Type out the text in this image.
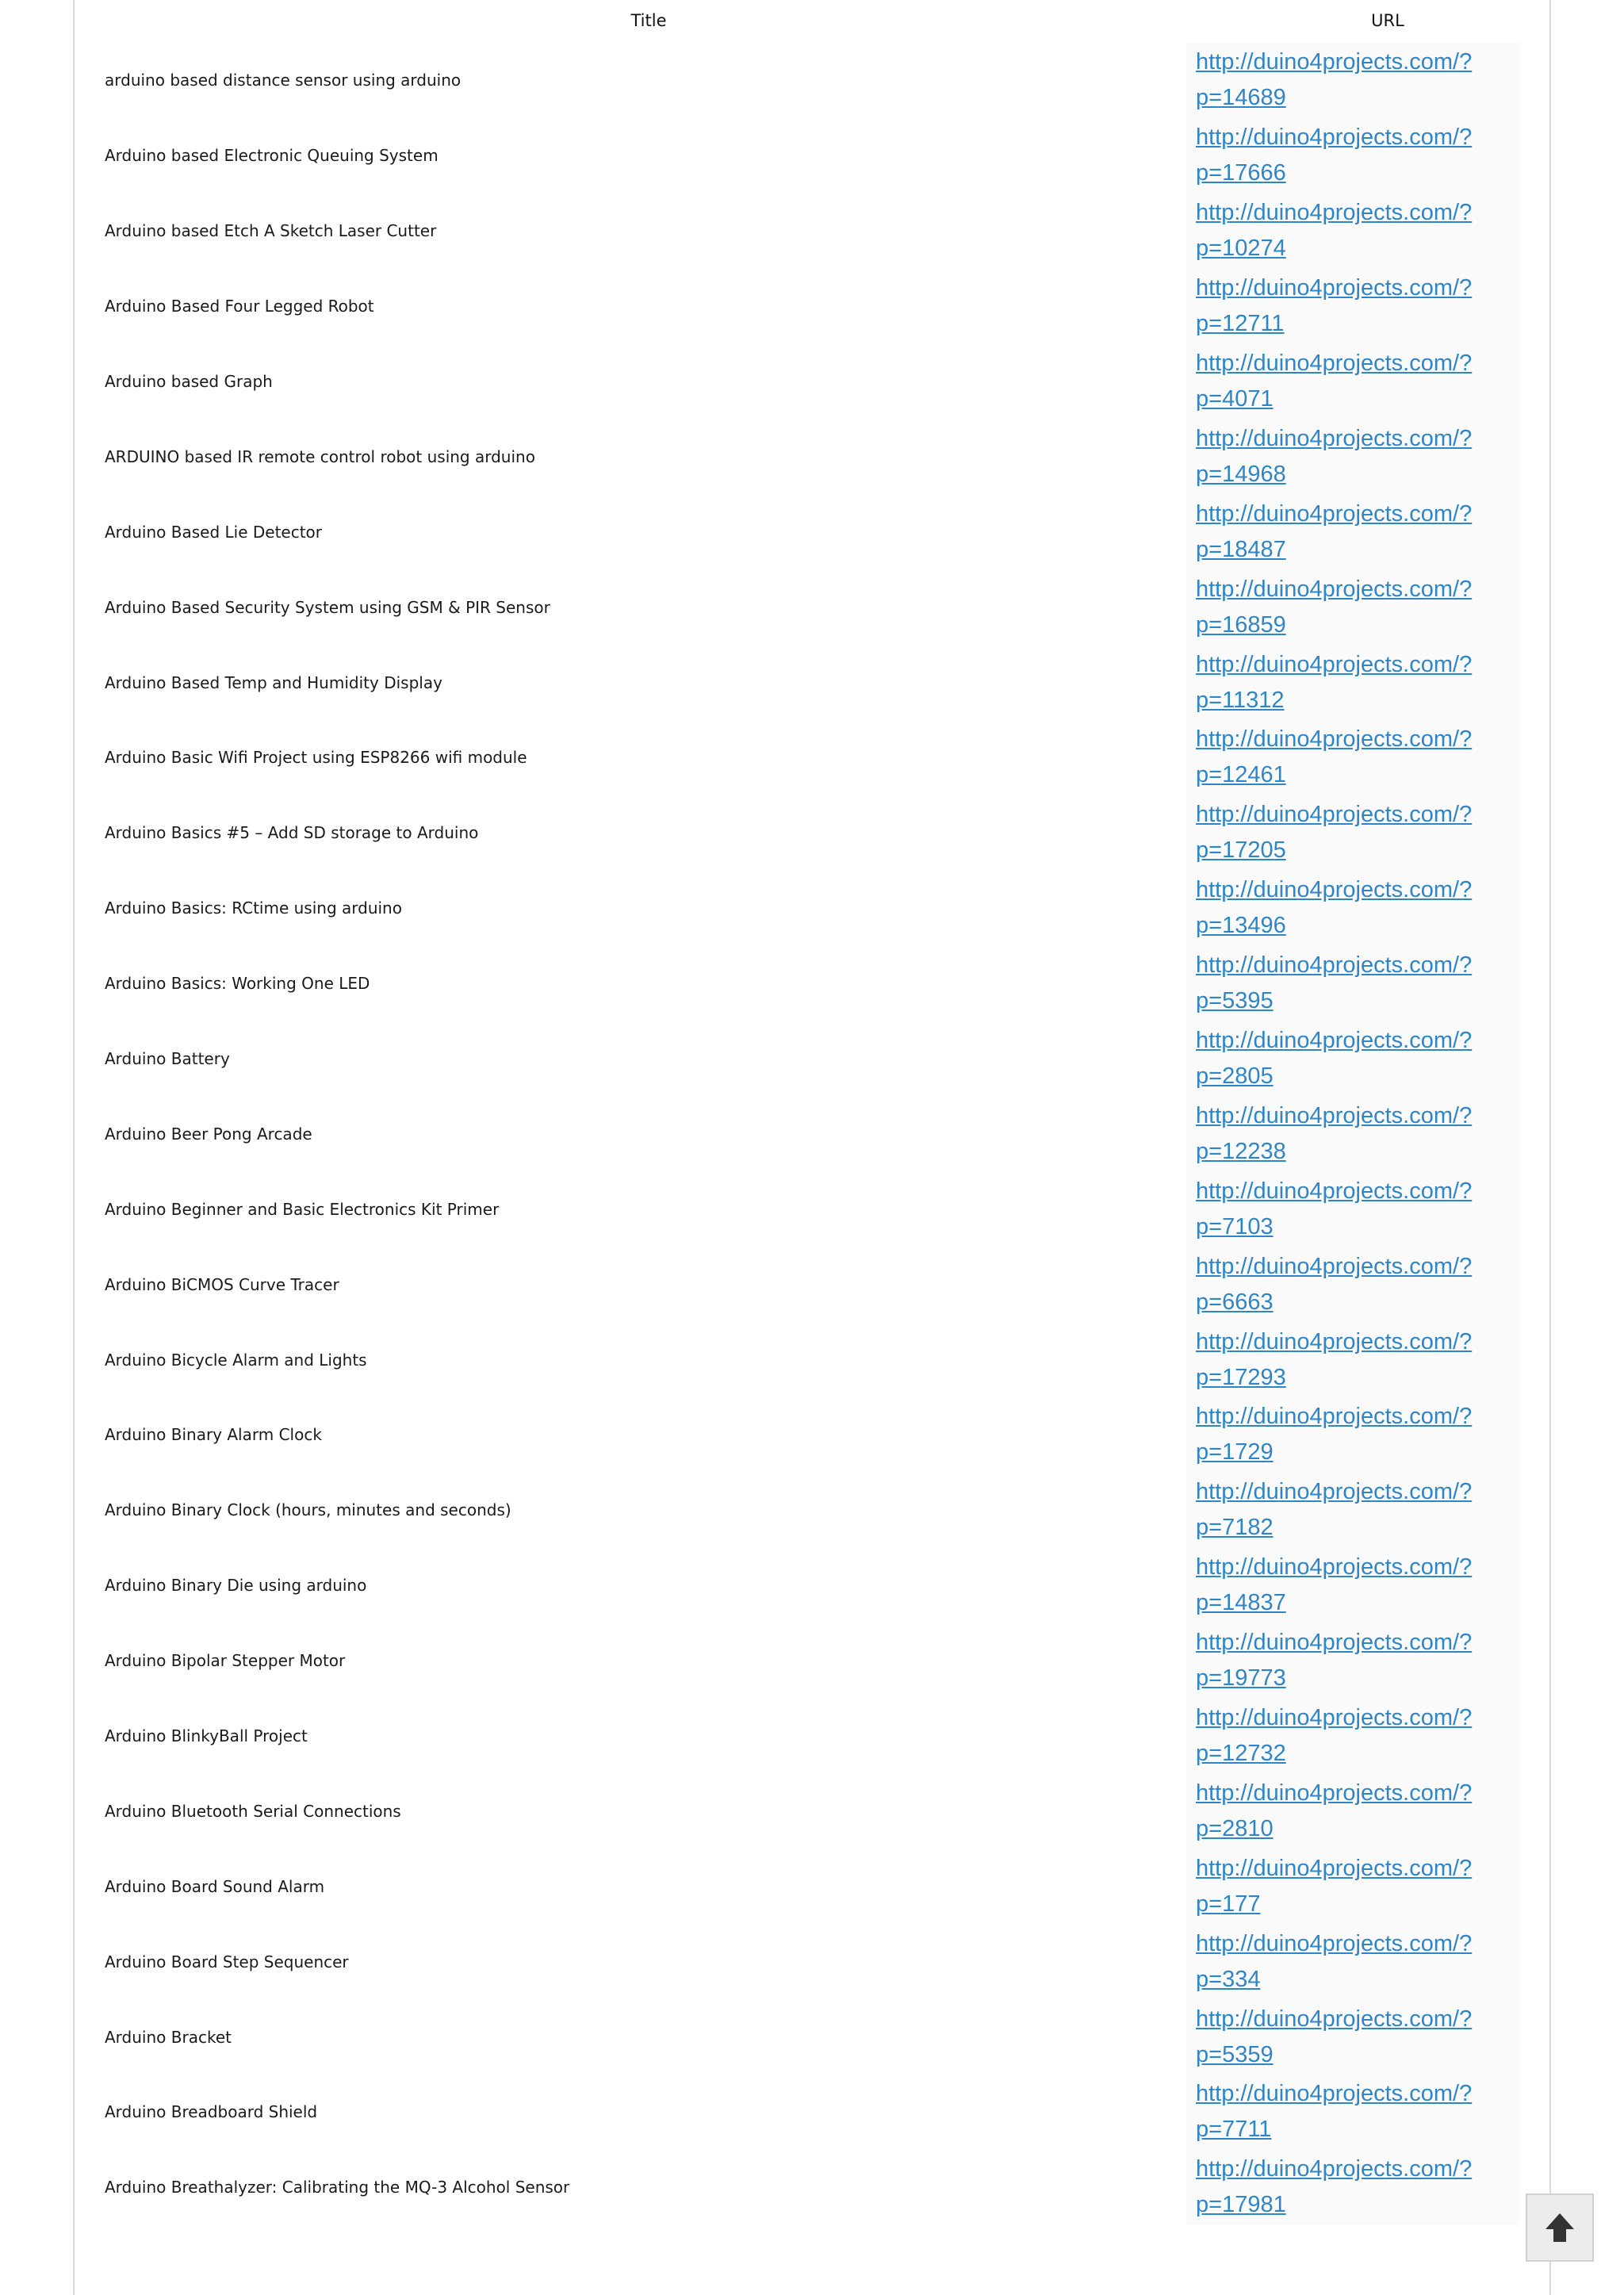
Title	URL
arduino based distance sensor using arduino
http://duino4projects.com/?
p=14689
Arduino based Electronic Queuing System
http://duino4projects.com/?
p=17666
Arduino based Etch A Sketch Laser Cutter
http://duino4projects.com/?
p=10274
Arduino Based Four Legged Robot
http://duino4projects.com/?
p=12711
Arduino based Graph
http://duino4projects.com/?
p=4071
ARDUINO based IR remote control robot using arduino
http://duino4projects.com/?
p=14968
Arduino Based Lie Detector
http://duino4projects.com/?
p=18487
Arduino Based Security System using GSM & PIR Sensor
http://duino4projects.com/?
p=16859
Arduino Based Temp and Humidity Display
http://duino4projects.com/?
p=11312
Arduino Basic Wifi Project using ESP8266 wifi module
http://duino4projects.com/?
p=12461
Arduino Basics #5 – Add SD storage to Arduino
http://duino4projects.com/?
p=17205
Arduino Basics: RCtime using arduino
http://duino4projects.com/?
p=13496
Arduino Basics: Working One LED
http://duino4projects.com/?
p=5395
Arduino Battery
http://duino4projects.com/?
p=2805
Arduino Beer Pong Arcade
http://duino4projects.com/?
p=12238
Arduino Beginner and Basic Electronics Kit Primer
http://duino4projects.com/?
p=7103
Arduino BiCMOS Curve Tracer
http://duino4projects.com/?
p=6663
Arduino Bicycle Alarm and Lights
http://duino4projects.com/?
p=17293
Arduino Binary Alarm Clock
http://duino4projects.com/?
p=1729
Arduino Binary Clock (hours, minutes and seconds)
http://duino4projects.com/?
p=7182
Arduino Binary Die using arduino
http://duino4projects.com/?
p=14837
Arduino Bipolar Stepper Motor
http://duino4projects.com/?
p=19773
Arduino BlinkyBall Project
http://duino4projects.com/?
p=12732
Arduino Bluetooth Serial Connections
http://duino4projects.com/?
p=2810
Arduino Board Sound Alarm
http://duino4projects.com/?
p=177
Arduino Board Step Sequencer
http://duino4projects.com/?
p=334
Arduino Bracket
http://duino4projects.com/?
p=5359
Arduino Breadboard Shield
http://duino4projects.com/?
p=7711
Arduino Breathalyzer: Calibrating the MQ-3 Alcohol Sensor
http://duino4projects.com/?
p=17981
